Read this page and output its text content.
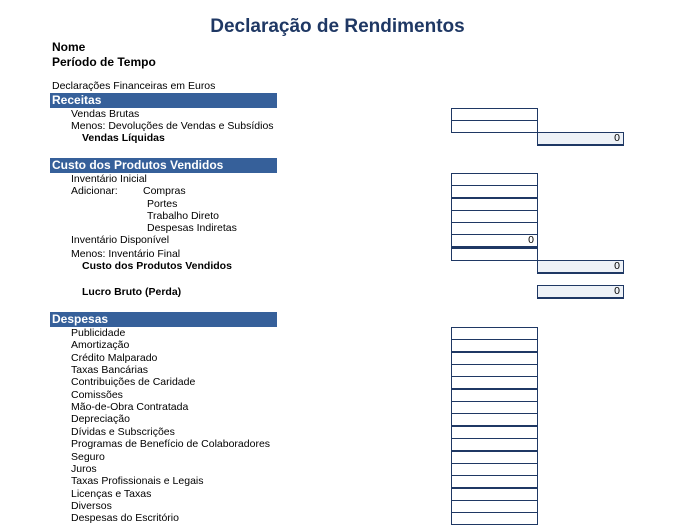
Declaração de Rendimentos
Nome
Período de Tempo
Declarações Financeiras em Euros
Receitas
Vendas Brutas
Menos: Devoluções de Vendas e Subsídios
Vendas Líquidas	0
Custo dos Produtos Vendidos
Inventário Inicial
Adicionar: Compras
Portes
Trabalho Direto
Despesas Indiretas
Inventário Disponível	0
Menos: Inventário Final
Custo dos Produtos Vendidos	0
Lucro Bruto (Perda)	0
Despesas
Publicidade
Amortização
Crédito Malparado
Taxas Bancárias
Contribuições de Caridade
Comissões
Mão-de-Obra Contratada
Depreciação
Dívidas e Subscrições
Programas de Benefício de Colaboradores
Seguro
Juros
Taxas Profissionais e Legais
Licenças e Taxas
Diversos
Despesas do Escritório
